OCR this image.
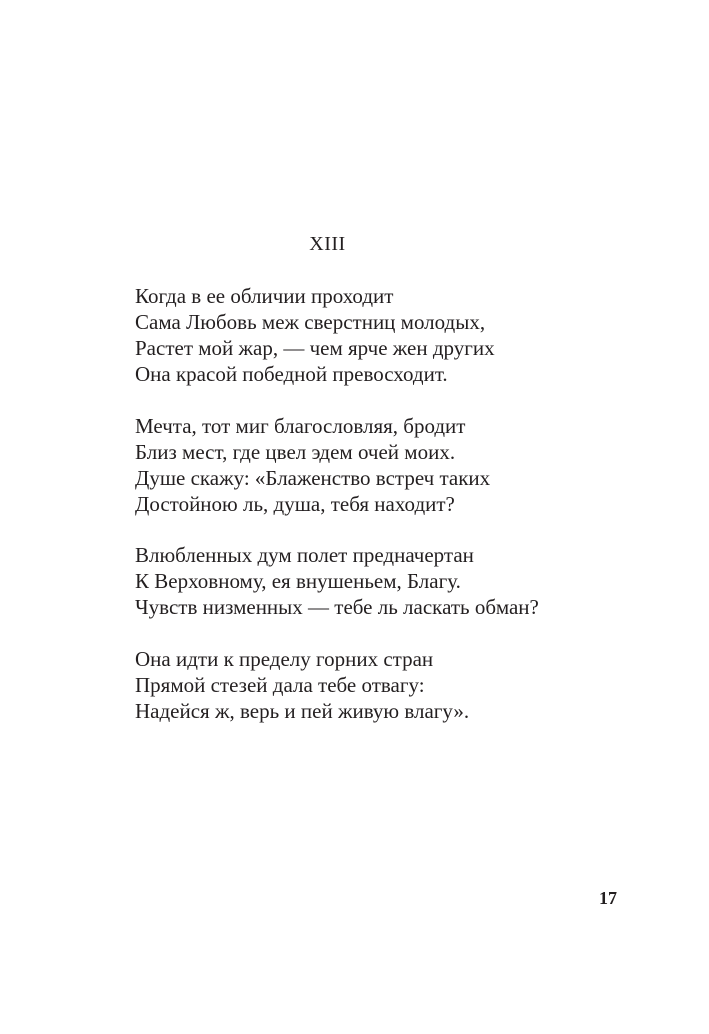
XIII
Когда в ее обличии проходит
Сама Любовь меж сверстниц молодых,
Растет мой жар, — чем ярче жен других
Она красой победной превосходит.
Мечта, тот миг благословляя, бродит
Близ мест, где цвел эдем очей моих.
Душе скажу: «Блаженство встреч таких
Достойною ль, душа, тебя находит?
Влюбленных дум полет предначертан
К Верховному, ея внушеньем, Благу.
Чувств низменных — тебе ль ласкать обман?
Она идти к пределу горних стран
Прямой стезей дала тебе отвагу:
Надейся ж, верь и пей живую влагу».
17
